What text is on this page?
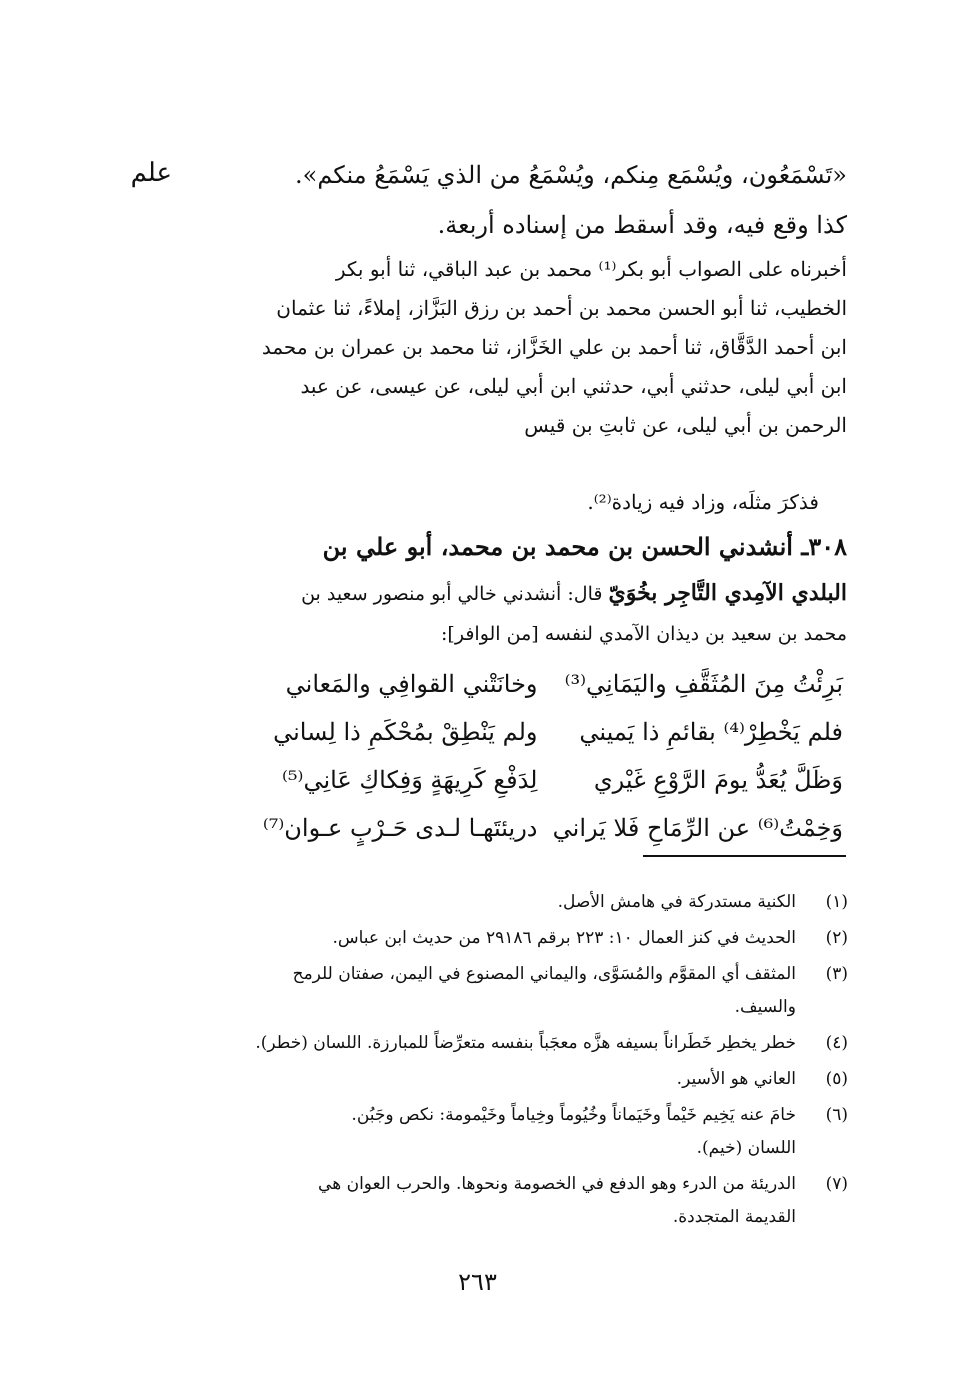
علم	«تَسْمَعُون، ويُسْمَع مِنكم، ويُسْمَعُ من الذي يَسْمَعُ منكم».
كذا وقع فيه، وقد أسقط من إسناده أربعة.
أخبرناه على الصواب أبو بكر⁽¹⁾ محمد بن عبد الباقي، ثنا أبو بكر
الخطيب، ثنا أبو الحسن محمد بن أحمد بن رزق البَزَّاز، إملاءً، ثنا عثمان
ابن أحمد الدَّقَّاق، ثنا أحمد بن علي الخَزَّاز، ثنا محمد بن عمران بن محمد
ابن أبي ليلى، حدثني أبي، حدثني ابن أبي ليلى، عن عيسى، عن عبد
الرحمن بن أبي ليلى، عن ثابتِ بن قيس
فذكرَ مثلَه، وزاد فيه زيادة⁽²⁾.
٣٠٨ـ أنشدني الحسن بن محمد بن محمد، أبو علي بن
البلدي الآمِدي التَّاجِر بخُوَيّ قال: أنشدني خالي أبو منصور سعيد بن
محمد بن سعيد بن ديذان الآمدي لنفسه [من الوافر]:
بَرِئْتُ مِنَ المُثَقَّفِ واليَمَانِي⁽³⁾
وخانَتْني القوافِي والمَعاني
فلم يَخْطِرْ⁽⁴⁾ بقائمِ ذا يَميني
ولم يَنْطِقْ بمُحْكَمِ ذا لِساني
وَظَلَّ يُعَدُّ يومَ الرَّوْعِ غَيْري
لِدَفْعِ كَرِيهَةٍ وَفِكاكِ عَانِي⁽⁵⁾
وَخِمْتُ⁽⁶⁾ عن الرِّمَاحِ فَلا يَراني
دريئتَهـا لـدى حَـرْبٍ عـوان⁽⁷⁾
(١)
الكنية مستدركة في هامش الأصل.
(٢)
الحديث في كنز العمال ١٠: ٢٢٣ برقم ٢٩١٨٦ من حديث ابن عباس.
(٣)
المثقف أي المقوَّم والمُسَوَّى، واليماني المصنوع في اليمن، صفتان للرمح
والسيف.
(٤)
خطر يخطِر خَطَراناً بسيفه هزَّه معجَباً بنفسه متعرِّضاً للمبارزة. اللسان (خطر).
(٥)
العاني هو الأسير.
(٦)
خامَ عنه يَخِيم خَيْماً وخَيَماناً وخُيُوماً وخِياماً وخَيْمومة: نكص وجَبُن.
اللسان (خيم).
(٧)
الدريئة من الدرء وهو الدفع في الخصومة ونحوها. والحرب العوان هي
القديمة المتجددة.
٢٦٣
